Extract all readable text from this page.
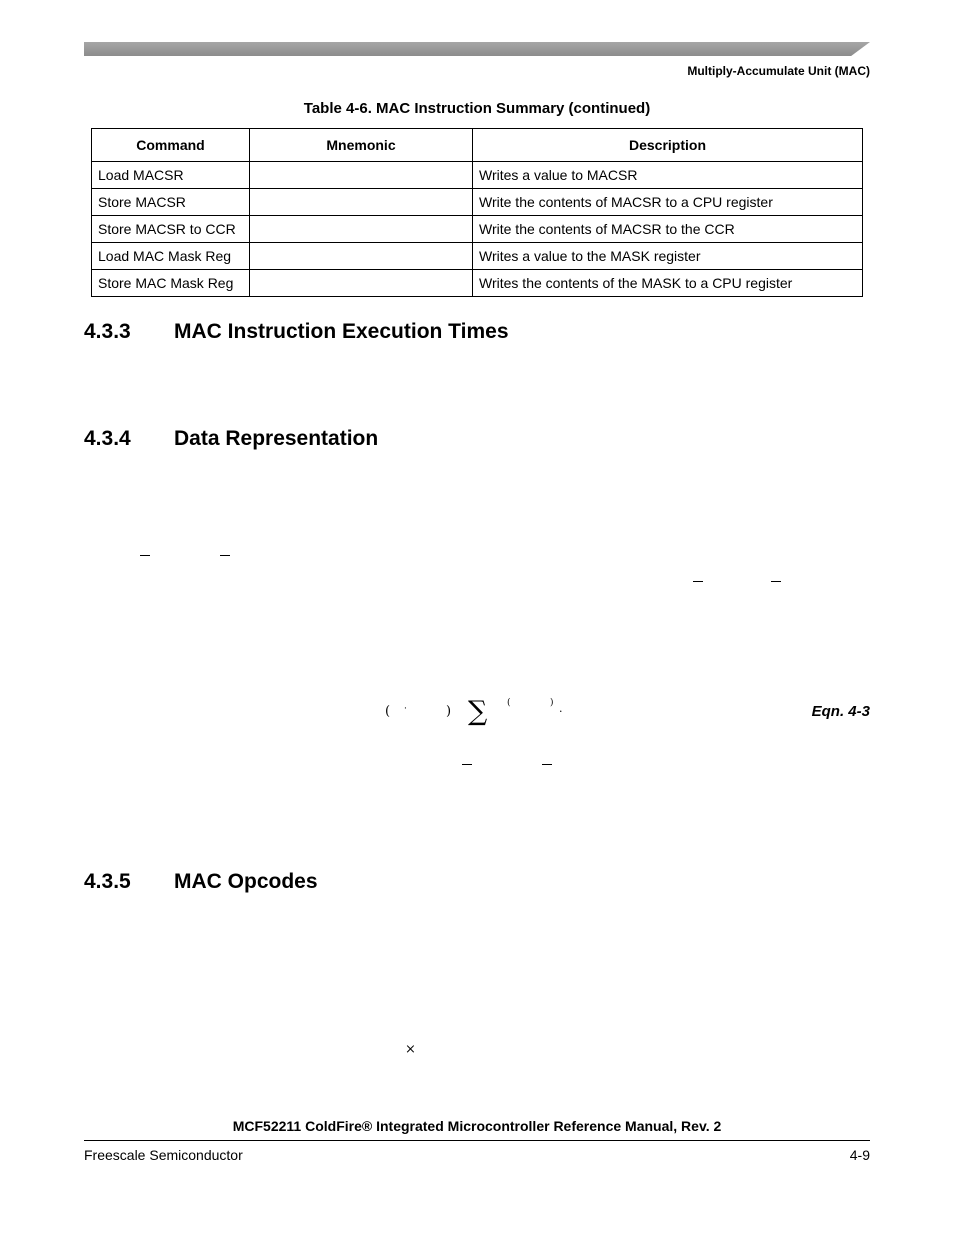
Multiply-Accumulate Unit (MAC)
Table 4-6. MAC Instruction Summary (continued)
Command	Mnemonic	Description
Load MACSR		Writes a value to MACSR
Store MACSR		Write the contents of MACSR to a CPU register
Store MACSR to CCR		Write the contents of MACSR to the CCR
Load MAC Mask Reg		Writes a value to the MASK register
Store MAC Mask Reg		Writes the contents of the MASK to a CPU register
4.3.3 MAC Instruction Execution Times
4.3.4 Data Representation
( ·	) ∑ (	) .	Eqn. 4-3
4.3.5 MAC Opcodes
×
MCF52211 ColdFire® Integrated Microcontroller Reference Manual, Rev. 2
Freescale Semiconductor	4-9
